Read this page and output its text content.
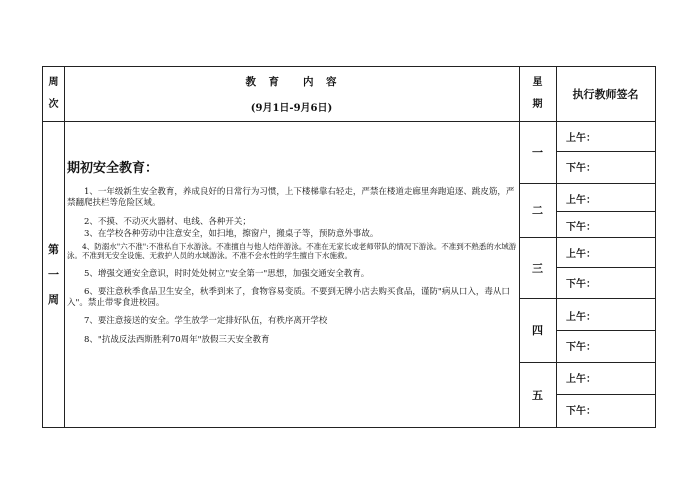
周
次
教　育　　内　容
(9月1日-9月6日)
星
期
执行教师签名
第
一
周

期初安全教育：

1、一年级新生安全教育，养成良好的日常行为习惯，上下楼梯靠右轻走，严禁在楼道走廊里奔跑追逐、跳皮筋，严禁翻爬扶栏等危险区域。

2、不摸、不动灭火器材、电线、各种开关；

3、在学校各种劳动中注意安全，如扫地，擦窗户，搬桌子等，预防意外事故。

4、防溺水"六不准":不准私自下水游泳。不准擅自与他人结伴游泳。不准在无家长或老师带队的情况下游泳。不准到不熟悉的水域游泳。不准到无安全设施、无救护人员的水域游泳。不准不会水性的学生擅自下水施救。

5、增强交通安全意识，时时处处树立"安全第一"思想，加强交通安全教育。

6、要注意秋季食品卫生安全，秋季到来了，食物容易变质。不要到无牌小店去购买食品，谨防"病从口入，毒从口入"。禁止带零食进校园。

7、要注意接送的安全。学生放学一定排好队伍，有秩序离开学校

8、"抗战反法西斯胜利70周年"放假三天安全教育

一
二
三
四
五
上午：
下午：
上午：
下午：
上午：
下午：
上午：
下午：
上午：
下午：
